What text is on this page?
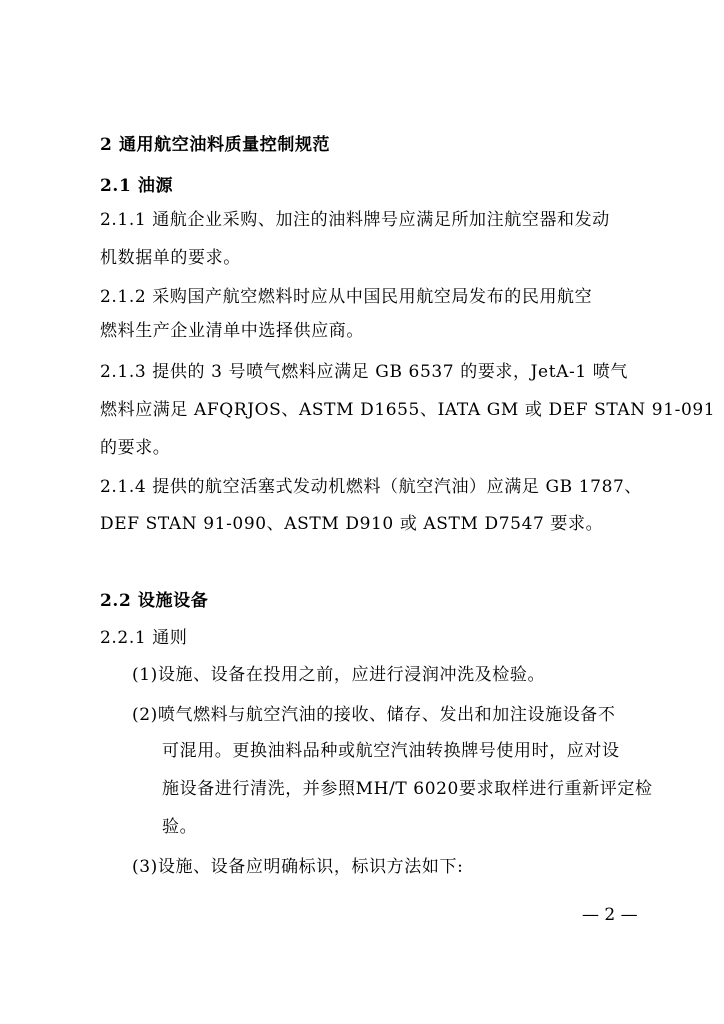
2 通用航空油料质量控制规范
2.1 油源
2.1.1 通航企业采购、加注的油料牌号应满足所加注航空器和发动
机数据单的要求。
2.1.2 采购国产航空燃料时应从中国民用航空局发布的民用航空
燃料生产企业清单中选择供应商。
2.1.3 提供的 3 号喷气燃料应满足 GB 6537 的要求，JetA-1 喷气
燃料应满足 AFQRJOS、ASTM D1655、IATA GM 或 DEF STAN 91-091
的要求。
2.1.4 提供的航空活塞式发动机燃料（航空汽油）应满足 GB 1787、
DEF STAN 91-090、ASTM D910 或 ASTM D7547 要求。
2.2 设施设备
2.2.1 通则
(1)设施、设备在投用之前，应进行浸润冲洗及检验。
(2)喷气燃料与航空汽油的接收、储存、发出和加注设施设备不
可混用。更换油料品种或航空汽油转换牌号使用时，应对设
施设备进行清洗，并参照MH/T 6020要求取样进行重新评定检
验。
(3)设施、设备应明确标识，标识方法如下:
— 2 —
